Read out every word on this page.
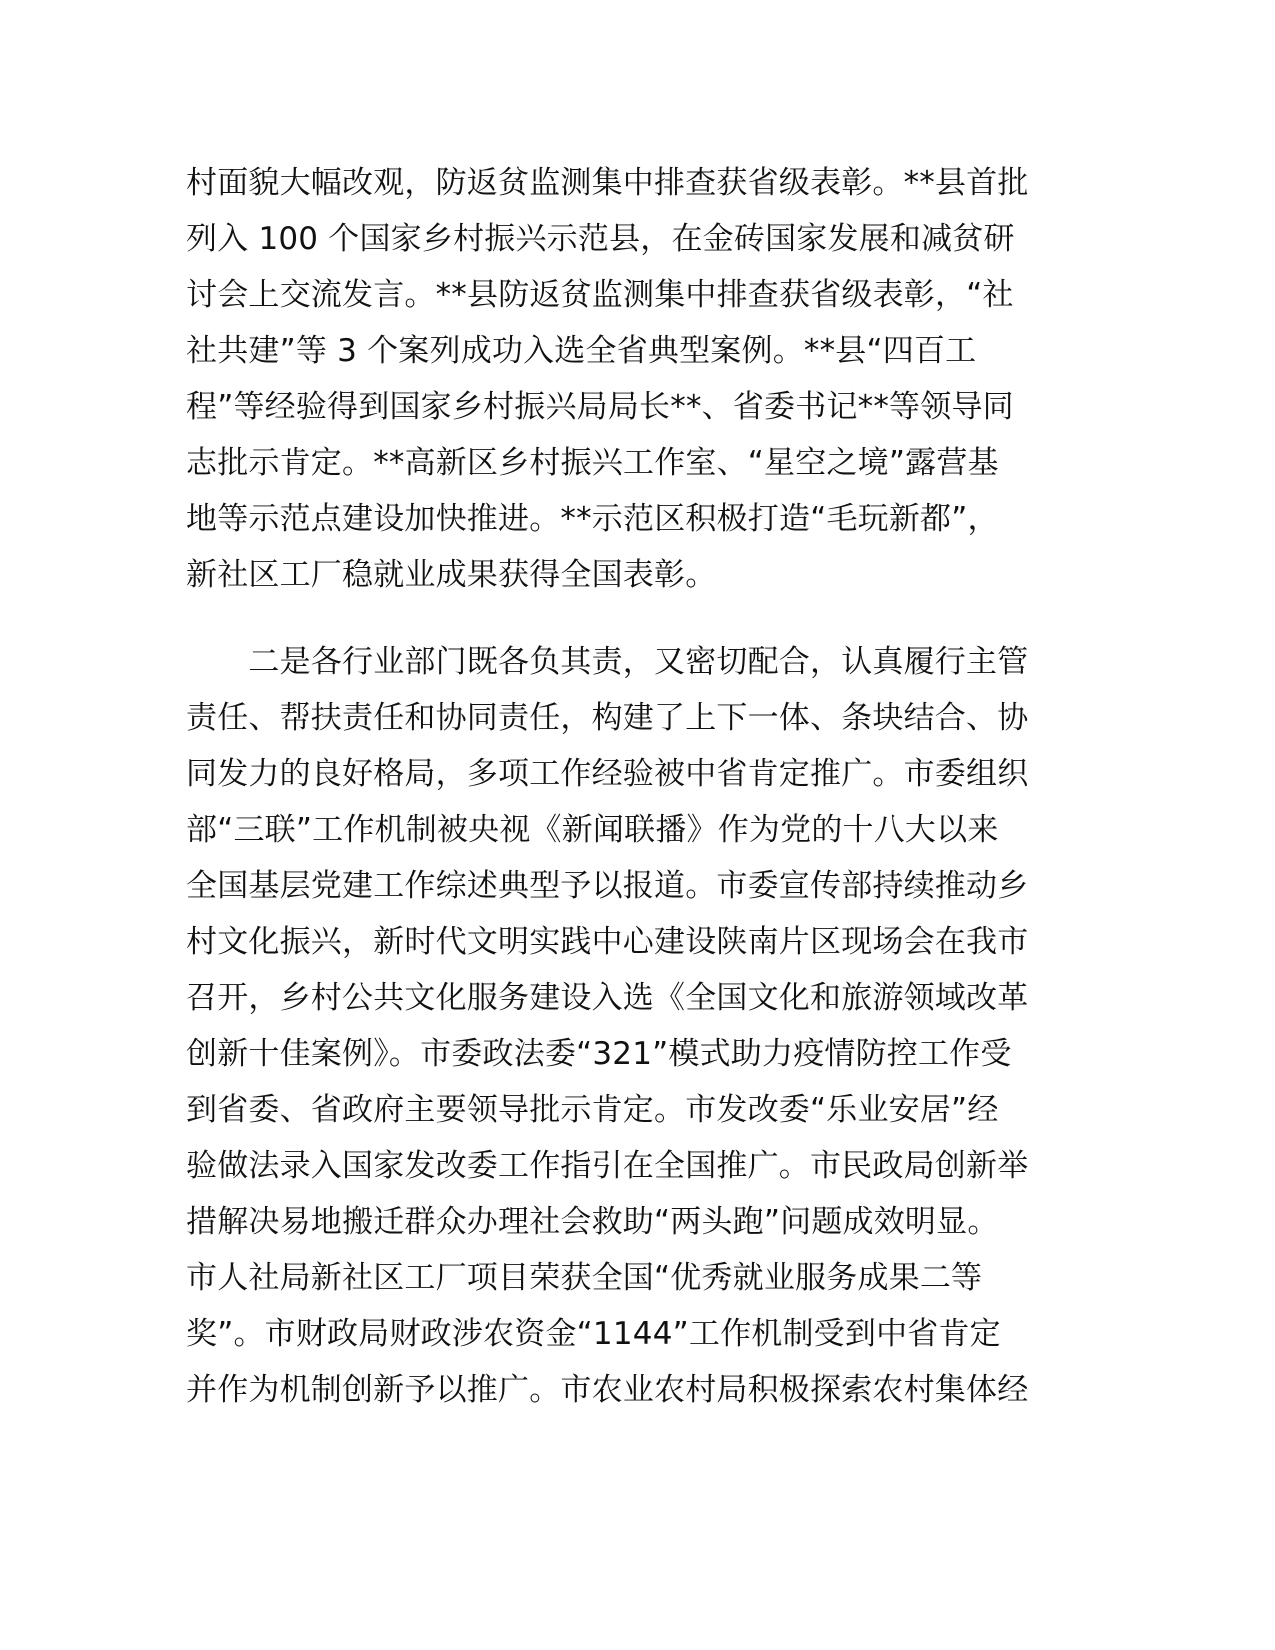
村面貌大幅改观，防返贫监测集中排查获省级表彰。**县首批
列入 100 个国家乡村振兴示范县，在金砖国家发展和减贫研
讨会上交流发言。**县防返贫监测集中排查获省级表彰，“社
社共建”等 3 个案列成功入选全省典型案例。**县“四百工
程”等经验得到国家乡村振兴局局长**、省委书记**等领导同
志批示肯定。**高新区乡村振兴工作室、“星空之境”露营基
地等示范点建设加快推进。**示范区积极打造“毛玩新都”，
新社区工厂稳就业成果获得全国表彰。
　　二是各行业部门既各负其责，又密切配合，认真履行主管
责任、帮扶责任和协同责任，构建了上下一体、条块结合、协
同发力的良好格局，多项工作经验被中省肯定推广。市委组织
部“三联”工作机制被央视《新闻联播》作为党的十八大以来
全国基层党建工作综述典型予以报道。市委宣传部持续推动乡
村文化振兴，新时代文明实践中心建设陕南片区现场会在我市
召开，乡村公共文化服务建设入选《全国文化和旅游领域改革
创新十佳案例》。市委政法委“321”模式助力疫情防控工作受
到省委、省政府主要领导批示肯定。市发改委“乐业安居”经
验做法录入国家发改委工作指引在全国推广。市民政局创新举
措解决易地搬迁群众办理社会救助“两头跑”问题成效明显。
市人社局新社区工厂项目荣获全国“优秀就业服务成果二等
奖”。市财政局财政涉农资金“1144”工作机制受到中省肯定
并作为机制创新予以推广。市农业农村局积极探索农村集体经
